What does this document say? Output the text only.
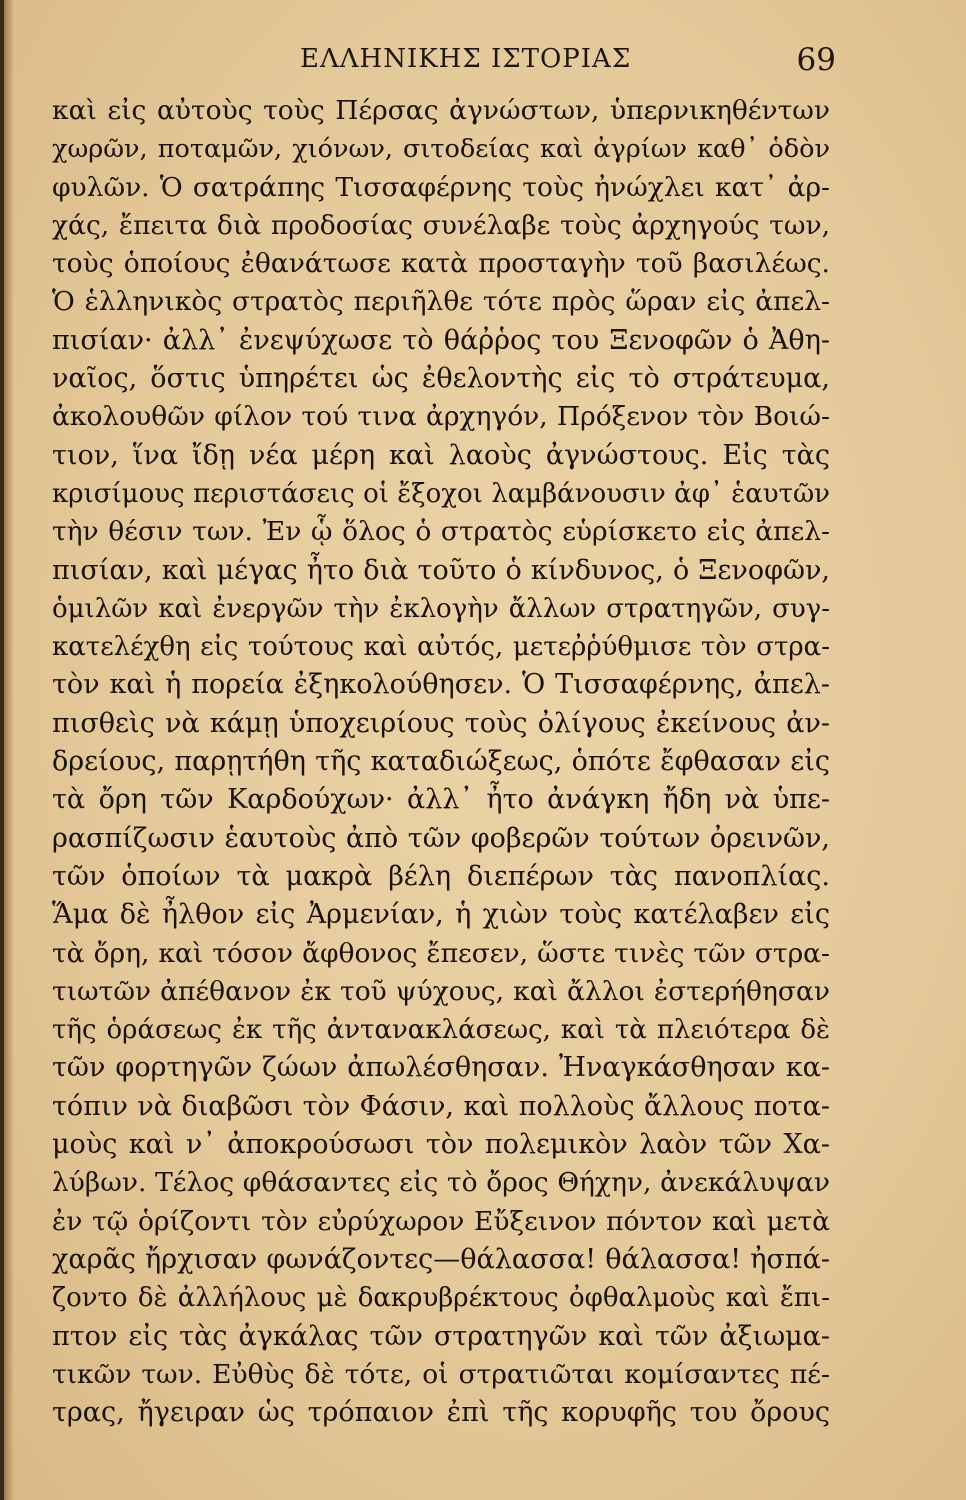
ΕΛΛΗΝΙΚΗΣ ΙΣΤΟΡΙΑΣ	69
καὶ εἰς αὐτοὺς τοὺς Πέρσας ἀγνώστων, ὑπερνικηθέντων
χωρῶν, ποταμῶν, χιόνων, σιτοδείας καὶ ἀγρίων καθ᾽ ὁδὸν
φυλῶν. Ὁ σατράπης Τισσαφέρνης τοὺς ἠνώχλει κατ᾽ ἀρ-
χάς, ἔπειτα διὰ προδοσίας συνέλαβε τοὺς ἀρχηγούς των,
τοὺς ὁποίους ἐθανάτωσε κατὰ προσταγὴν τοῦ βασιλέως.
Ὁ ἑλληνικὸς στρατὸς περιῆλθε τότε πρὸς ὥραν εἰς ἀπελ-
πισίαν· ἀλλ᾽ ἐνεψύχωσε τὸ θάῤῥος του Ξενοφῶν ὁ Ἀθη-
ναῖος, ὅστις ὑπηρέτει ὡς ἐθελοντὴς εἰς τὸ στράτευμα,
ἀκολουθῶν φίλον τού τινα ἀρχηγόν, Πρόξενον τὸν Βοιώ-
τιον, ἵνα ἴδῃ νέα μέρη καὶ λαοὺς ἀγνώστους. Εἰς τὰς
κρισίμους περιστάσεις οἱ ἔξοχοι λαμβάνουσιν ἀφ᾽ ἑαυτῶν
τὴν θέσιν των. Ἐν ᾧ ὅλος ὁ στρατὸς εὑρίσκετο εἰς ἀπελ-
πισίαν, καὶ μέγας ἦτο διὰ τοῦτο ὁ κίνδυνος, ὁ Ξενοφῶν,
ὁμιλῶν καὶ ἐνεργῶν τὴν ἐκλογὴν ἄλλων στρατηγῶν, συγ-
κατελέχθη εἰς τούτους καὶ αὐτός, μετεῤῥύθμισε τὸν στρα-
τὸν καὶ ἡ πορεία ἐξηκολούθησεν. Ὁ Τισσαφέρνης, ἀπελ-
πισθεὶς νὰ κάμῃ ὑποχειρίους τοὺς ὀλίγους ἐκείνους ἀν-
δρείους, παρῃτήθη τῆς καταδιώξεως, ὁπότε ἔφθασαν εἰς
τὰ ὄρη τῶν Καρδούχων· ἀλλ᾽ ἦτο ἀνάγκη ἤδη νὰ ὑπε-
ρασπίζωσιν ἑαυτοὺς ἀπὸ τῶν φοβερῶν τούτων ὀρεινῶν,
τῶν ὁποίων τὰ μακρὰ βέλη διεπέρων τὰς πανοπλίας.
Ἅμα δὲ ἦλθον εἰς Ἀρμενίαν, ἡ χιὼν τοὺς κατέλαβεν εἰς
τὰ ὄρη, καὶ τόσον ἄφθονος ἔπεσεν, ὥστε τινὲς τῶν στρα-
τιωτῶν ἀπέθανον ἐκ τοῦ ψύχους, καὶ ἄλλοι ἐστερήθησαν
τῆς ὁράσεως ἐκ τῆς ἀντανακλάσεως, καὶ τὰ πλειότερα δὲ
τῶν φορτηγῶν ζώων ἀπωλέσθησαν. Ἠναγκάσθησαν κα-
τόπιν νὰ διαβῶσι τὸν Φάσιν, καὶ πολλοὺς ἄλλους ποτα-
μοὺς καὶ ν᾽ ἀποκρούσωσι τὸν πολεμικὸν λαὸν τῶν Χα-
λύβων. Τέλος φθάσαντες εἰς τὸ ὄρος Θήχην, ἀνεκάλυψαν
ἐν τῷ ὁρίζοντι τὸν εὐρύχωρον Εὔξεινον πόντον καὶ μετὰ
χαρᾶς ἤρχισαν φωνάζοντες—θάλασσα! θάλασσα! ἠσπά-
ζοντο δὲ ἀλλήλους μὲ δακρυβρέκτους ὀφθαλμοὺς καὶ ἔπι-
πτον εἰς τὰς ἀγκάλας τῶν στρατηγῶν καὶ τῶν ἀξιωμα-
τικῶν των. Εὐθὺς δὲ τότε, οἱ στρατιῶται κομίσαντες πέ-
τρας, ἤγειραν ὡς τρόπαιον ἐπὶ τῆς κορυφῆς του ὄρους
